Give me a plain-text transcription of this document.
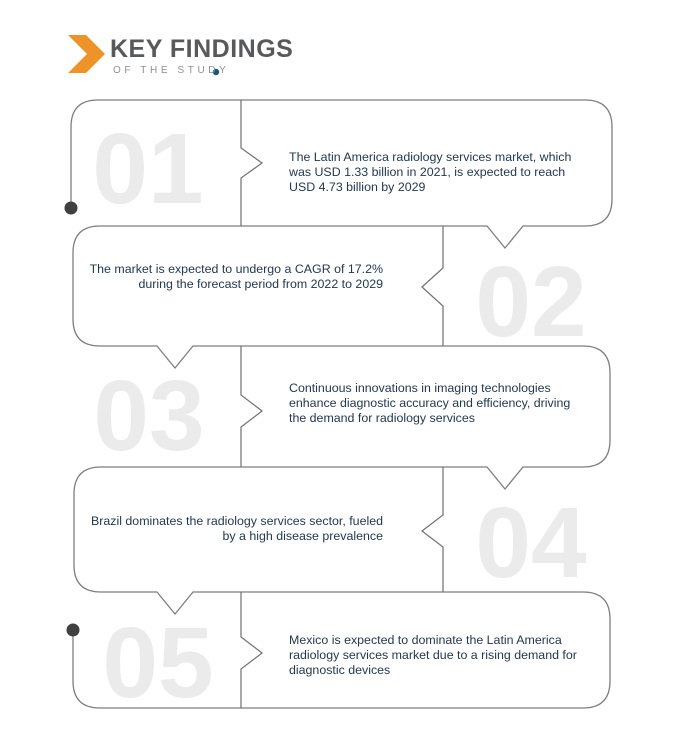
KEY FINDINGS
OF THE STUDY
01
02
03
04
05
The Latin America radiology services market, which was USD 1.33 billion in 2021, is expected to reach USD 4.73 billion by 2029
The market is expected to undergo a CAGR of 17.2% during the forecast period from 2022 to 2029
Continuous innovations in imaging technologies enhance diagnostic accuracy and efficiency, driving the demand for radiology services
Brazil dominates the radiology services sector, fueled by a high disease prevalence
Mexico is expected to dominate the Latin America radiology services market due to a rising demand for diagnostic devices
